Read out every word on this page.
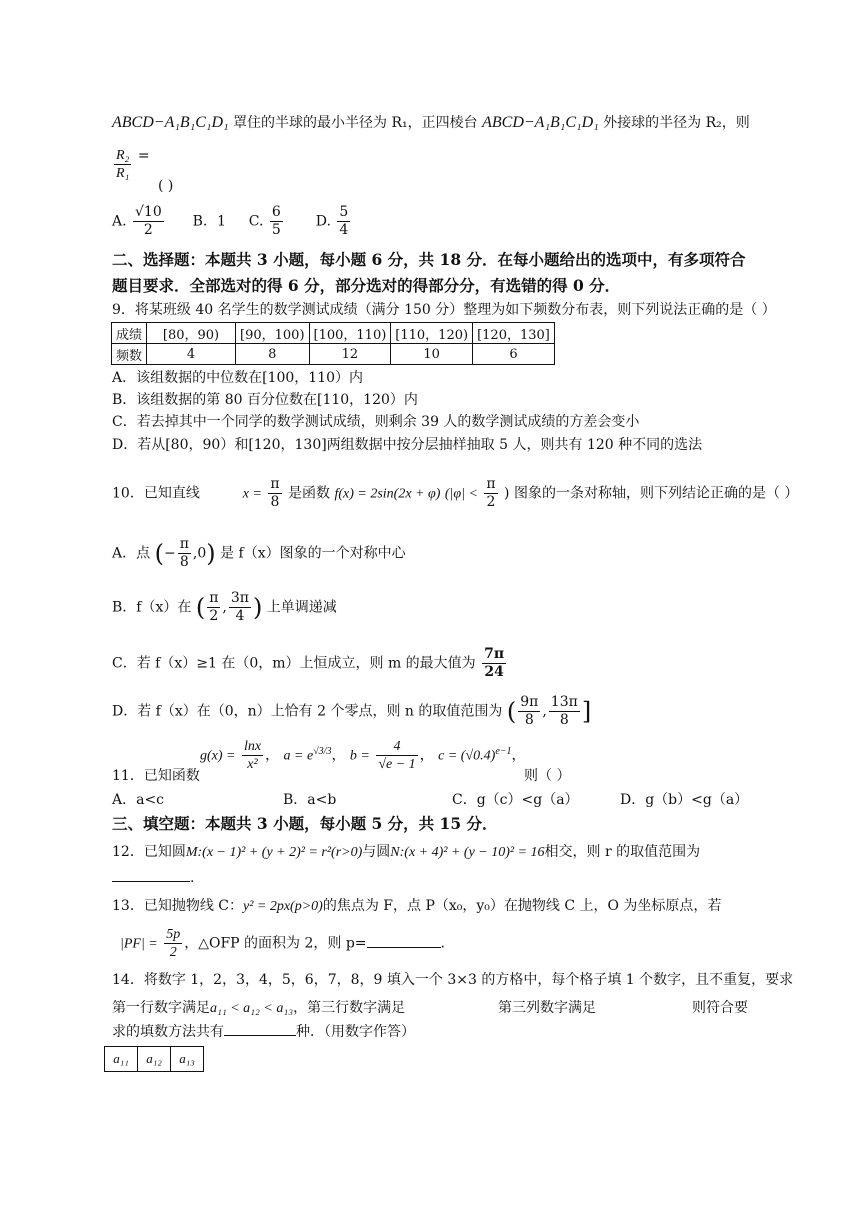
ABCD−A₁B₁C₁D₁ 罩住的半球的最小半径为 R₁，正四棱台 ABCD−A₁B₁C₁D₁ 外接球的半径为 R₂，则
$\frac{\text{R₂}}{\text{R₁}}$ =
( )
A. $\frac{√10}{2}$ B．1 C. $\frac{6}{5} D$. $\frac{5}{4}$
二、选择题：本题共 3 小题，每小题 6 分，共 18 分．在每小题给出的选项中，有多项符合
题目要求．全部选对的得 6 分，部分选对的得部分分，有选错的得 0 分．
9．将某班级 40 名学生的数学测试成绩（满分 150 分）整理为如下频数分布表，则下列说法正确的是（ ）
成绩	[80，90)	[90，100)	[100，110)	[110，120)	[120，130]
频数	4	8	12	10	6
A．该组数据的中位数在[100，110）内
B．该组数据的第 80 百分位数在[110，120）内
C．若去掉其中一个同学的数学测试成绩，则剩余 39 人的数学测试成绩的方差会变小
D．若从[80，90）和[120，130]两组数据中按分层抽样抽取 5 人，则共有 120 种不同的选法
10．已知直线	$x = \frac{\pi}{8}$ 是函数 f(x) = 2sin(2x + φ) ($|\varphi| < \frac{\pi}{2}$ ) 图象的一条对称轴，则下列结论正确的是（ ）
A．点 (− $\frac{\pi}{8} ,0$) 是 f（x）图象的一个对称中心
B．f（x）在 ( $\frac{\pi}{2}$ , $\frac{3\pi}{4}$ ) 上单调递减
C．若 f（x）≥1 在（0，m）上恒成立，则 m 的最大值为 $\frac{7\pi}{24}$
D．若 f（x）在（0，n）上恰有 2 个零点，则 n 的取值范围为 ( $\frac{9\pi}{8}$ , $\frac{13\pi}{8}$ ]
$g(x) = \frac{\ln x}{\text{x²}}$ ， $a = e^{√3/3}$， $b = \frac{4}{√e - 1}$ ， $c = (√0.4)^{e-1}$，
11．已知函数	则（ ）
A．a<c	B．a<b	C．g（c）<g（a）	D．g（b）<g（a）
三、填空题：本题共 3 小题，每小题 5 分，共 15 分．
12．已知圆M:(x − 1)² + (y + 2)² = r²(r>0)与圆N:(x + 4)² + (y − 10)² = 16相交，则 r 的取值范围为
.
13．已知抛物线 C：y² = 2px(p>0)的焦点为 F，点 P（x₀，y₀）在抛物线 C 上，O 为坐标原点，若
$|PF| = \frac{5p}{2}$ ，△OFP 的面积为 2，则 p=	.
14．将数字 1，2，3，4，5，6，7，8，9 填入一个 3×3 的方格中，每个格子填 1 个数字，且不重复，要求
第一行数字满足a₁₁ < a₁₂ < a₁₃，第三行数字满足	第三列数字满足	则符合要
求的填数方法共有	种．（用数字作答）
a₁₁	a₁₂	a₁₃
